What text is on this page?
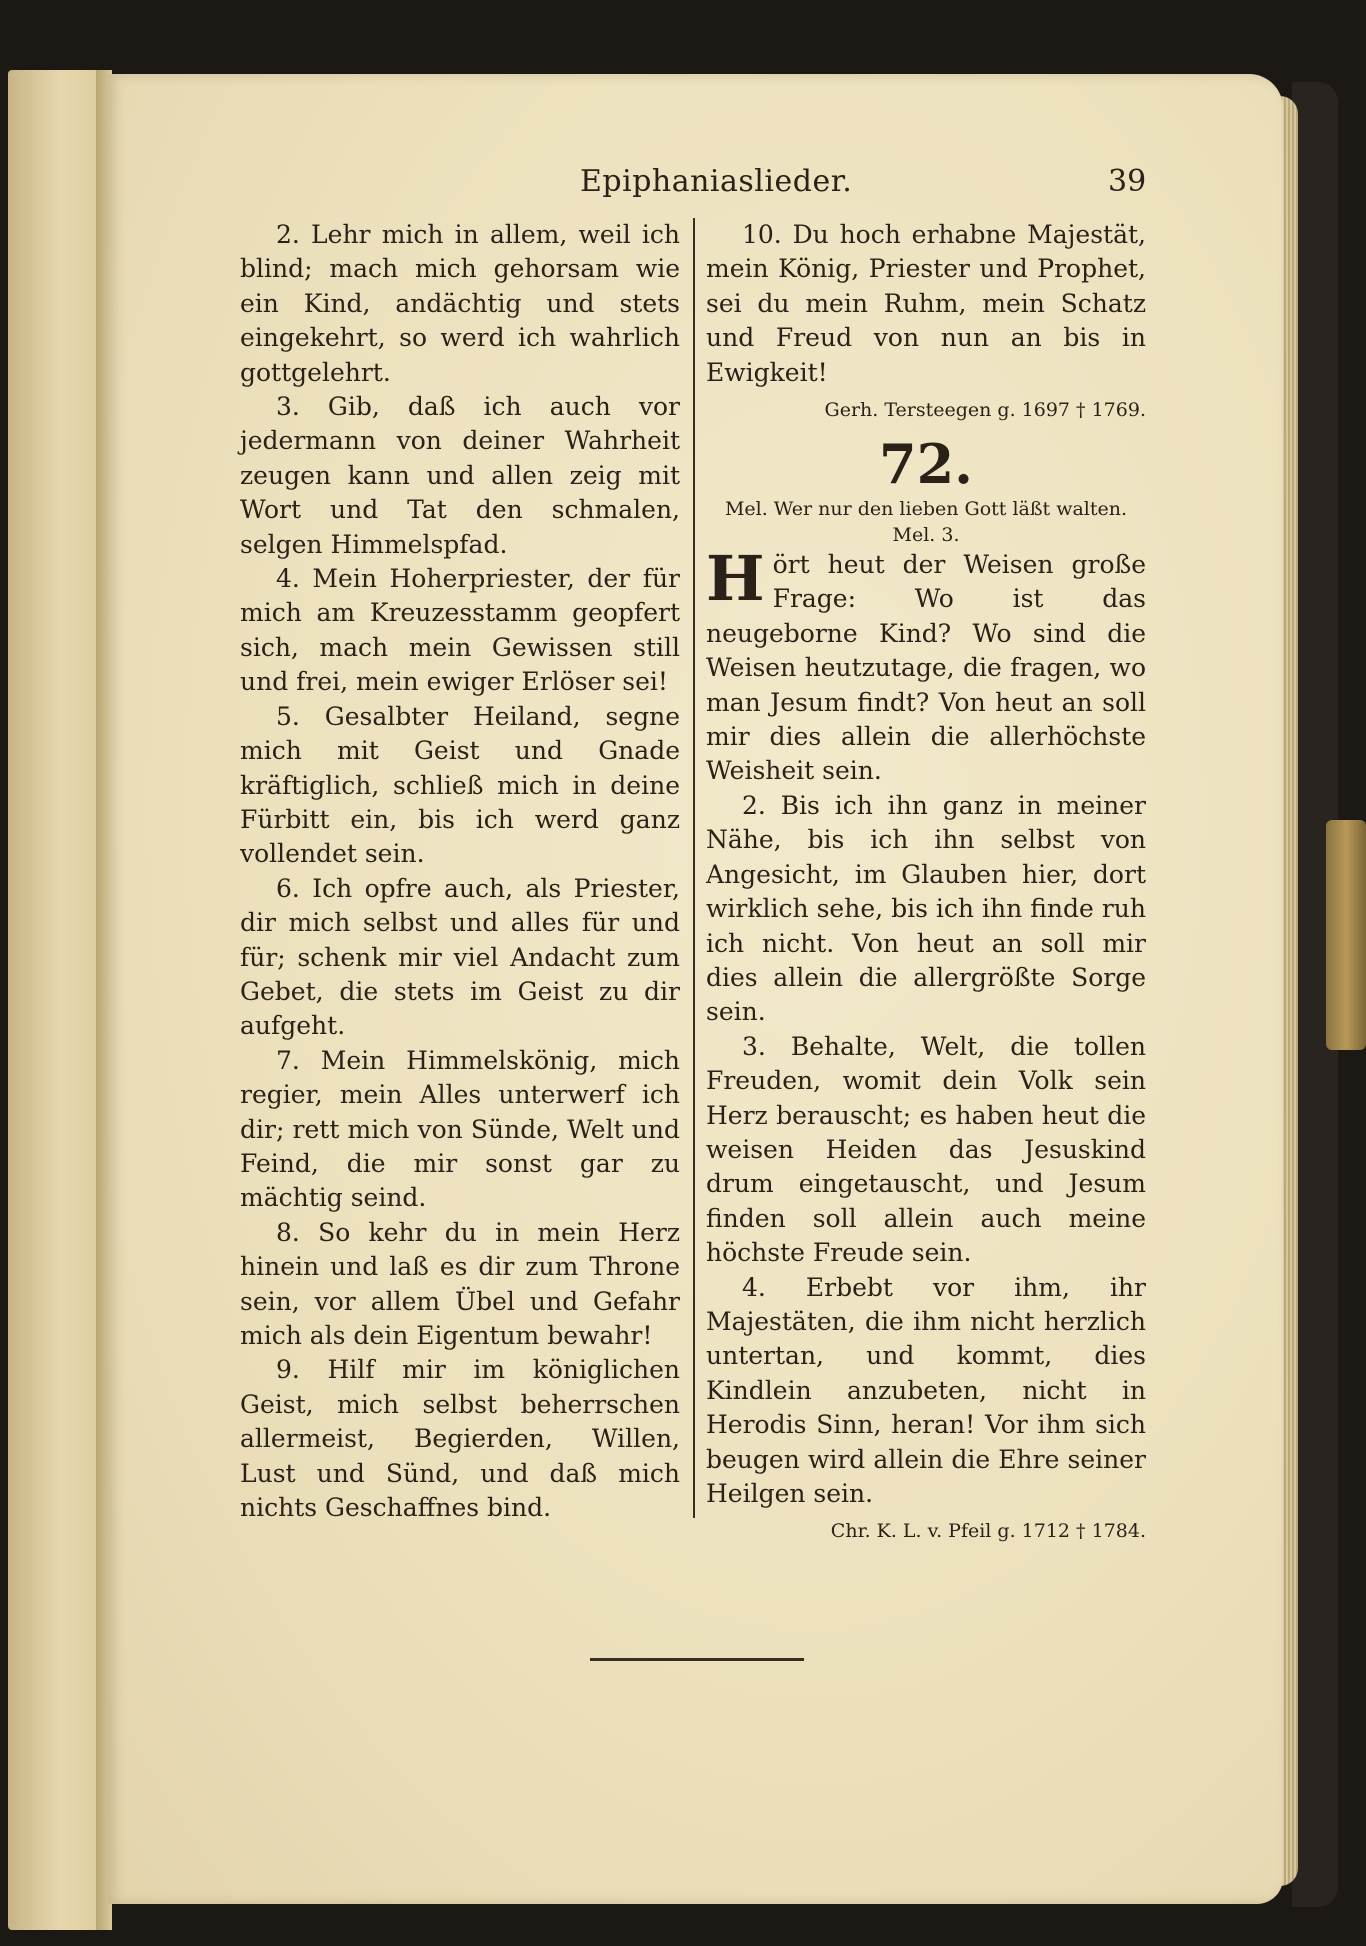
Epiphaniaslieder.	39

2. Lehr mich in allem, weil ich blind; mach mich gehorsam wie ein Kind, andächtig und stets eingekehrt, so werd ich wahrlich gottgelehrt.

3. Gib, daß ich auch vor jedermann von deiner Wahrheit zeugen kann und allen zeig mit Wort und Tat den schmalen, selgen Himmelspfad.

4. Mein Hoherpriester, der für mich am Kreuzesstamm geopfert sich, mach mein Gewissen still und frei, mein ewiger Erlöser sei!

5. Gesalbter Heiland, segne mich mit Geist und Gnade kräftiglich, schließ mich in deine Fürbitt ein, bis ich werd ganz vollendet sein.

6. Ich opfre auch, als Priester, dir mich selbst und alles für und für; schenk mir viel Andacht zum Gebet, die stets im Geist zu dir aufgeht.

7. Mein Himmelskönig, mich regier, mein Alles unterwerf ich dir; rett mich von Sünde, Welt und Feind, die mir sonst gar zu mächtig seind.

8. So kehr du in mein Herz hinein und laß es dir zum Throne sein, vor allem Übel und Gefahr mich als dein Eigentum bewahr!

9. Hilf mir im königlichen Geist, mich selbst beherrschen allermeist, Begierden, Willen, Lust und Sünd, und daß mich nichts Geschaffnes bind.

10. Du hoch erhabne Majestät, mein König, Priester und Prophet, sei du mein Ruhm, mein Schatz und Freud von nun an bis in Ewigkeit!

Gerh. Tersteegen g. 1697 † 1769.
72.
Mel. Wer nur den lieben Gott läßt walten.
Mel. 3.

Hört heut der Weisen große Frage: Wo ist das neugeborne Kind? Wo sind die Weisen heutzutage, die fragen, wo man Jesum findt? Von heut an soll mir dies allein die allerhöchste Weisheit sein.

2. Bis ich ihn ganz in meiner Nähe, bis ich ihn selbst von Angesicht, im Glauben hier, dort wirklich sehe, bis ich ihn finde ruh ich nicht. Von heut an soll mir dies allein die allergrößte Sorge sein.

3. Behalte, Welt, die tollen Freuden, womit dein Volk sein Herz berauscht; es haben heut die weisen Heiden das Jesuskind drum eingetauscht, und Jesum finden soll allein auch meine höchste Freude sein.

4. Erbebt vor ihm, ihr Majestäten, die ihm nicht herzlich untertan, und kommt, dies Kindlein anzubeten, nicht in Herodis Sinn, heran! Vor ihm sich beugen wird allein die Ehre seiner Heilgen sein.

Chr. K. L. v. Pfeil g. 1712 † 1784.
